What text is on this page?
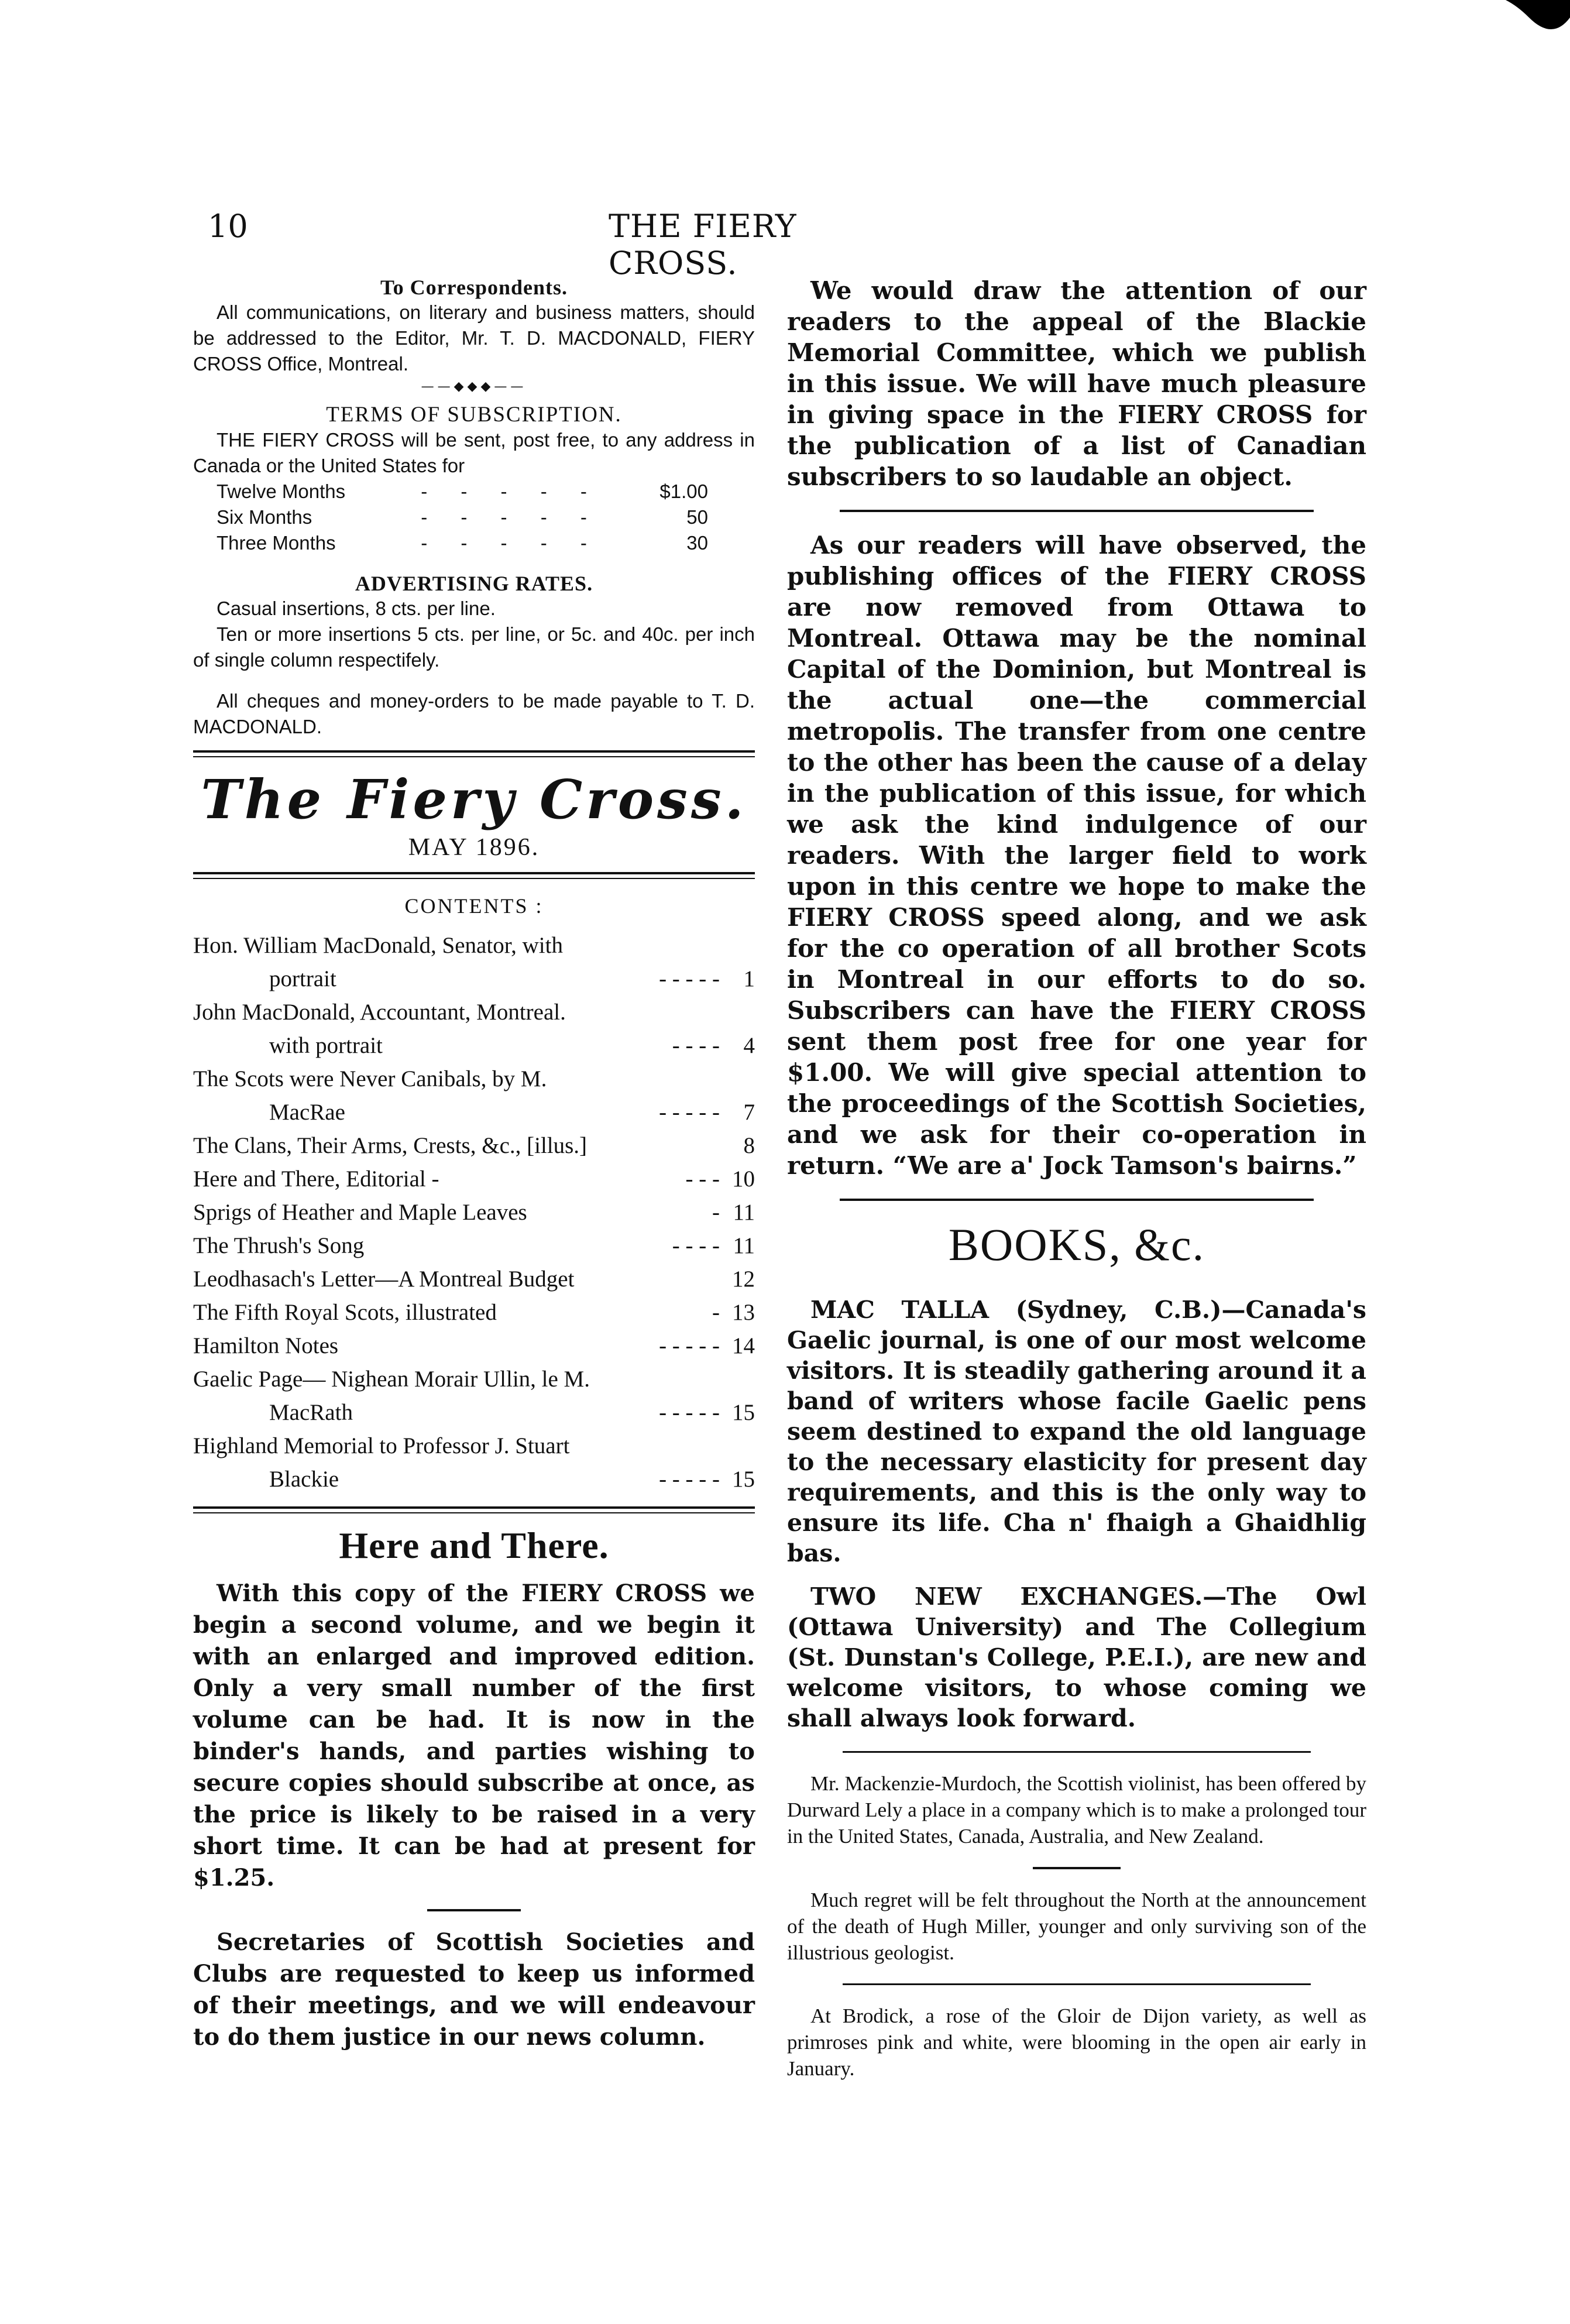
10	THE FIERY CROSS.

To Correspondents.

All communications, on literary and business matters, should be addressed to the Editor, Mr. T. D. MACDONALD, FIERY CROSS Office, Montreal.

——◆◆◆——

TERMS OF SUBSCRIPTION.

THE FIERY CROSS will be sent, post free, to any address in Canada or the United States for

Twelve Months	- - - - -	$1.00
Six Months	- - - - -	50
Three Months	- - - - -	30

ADVERTISING RATES.

Casual insertions, 8 cts. per line.

Ten or more insertions 5 cts. per line, or 5c. and 40c. per inch of single column respectifely.

All cheques and money-orders to be made payable to T. D. MACDONALD.

The Fiery Cross.
MAY 1896.
CONTENTS :
Hon. William MacDonald, Senator, with
portrait	- - - - -	1
John MacDonald, Accountant, Montreal.
with portrait	- - - -	4
The Scots were Never Canibals, by M.
MacRae	- - - - -	7
The Clans, Their Arms, Crests, &c., [illus.]	8
Here and There, Editorial -	- - - 10
Sprigs of Heather and Maple Leaves	- 11
The Thrush's Song	- - - - 11
Leodhasach's Letter—A Montreal Budget	12
The Fifth Royal Scots, illustrated	- 13
Hamilton Notes	- - - - - 14
Gaelic Page— Nighean Morair Ullin, le M.
MacRath	- - - - - 15
Highland Memorial to Professor J. Stuart
Blackie	- - - - - 15
Here and There.

With this copy of the FIERY CROSS we begin a second volume, and we begin it with an enlarged and improved edition. Only a very small number of the first volume can be had. It is now in the binder's hands, and parties wishing to secure copies should subscribe at once, as the price is likely to be raised in a very short time. It can be had at present for $1.25.

Secretaries of Scottish Societies and Clubs are requested to keep us informed of their meetings, and we will endeavour to do them justice in our news column.

We would draw the attention of our readers to the appeal of the Blackie Memorial Committee, which we publish in this issue. We will have much pleasure in giving space in the FIERY CROSS for the publication of a list of Canadian subscribers to so laudable an object.

As our readers will have observed, the publishing offices of the FIERY CROSS are now removed from Ottawa to Montreal. Ottawa may be the nominal Capital of the Dominion, but Montreal is the actual one—the commercial metropolis. The transfer from one centre to the other has been the cause of a delay in the publication of this issue, for which we ask the kind indulgence of our readers. With the larger field to work upon in this centre we hope to make the FIERY CROSS speed along, and we ask for the co operation of all brother Scots in Montreal in our efforts to do so. Subscribers can have the FIERY CROSS sent them post free for one year for $1.00. We will give special attention to the proceedings of the Scottish Societies, and we ask for their co-operation in return. “We are a' Jock Tamson's bairns.”

BOOKS, &c.

MAC TALLA (Sydney, C.B.)—Canada's Gaelic journal, is one of our most welcome visitors. It is steadily gathering around it a band of writers whose facile Gaelic pens seem destined to expand the old language to the necessary elasticity for present day requirements, and this is the only way to ensure its life. Cha n' fhaigh a Ghaidhlig bas.

TWO NEW EXCHANGES.—The Owl (Ottawa University) and The Collegium (St. Dunstan's College, P.E.I.), are new and welcome visitors, to whose coming we shall always look forward.

Mr. Mackenzie-Murdoch, the Scottish violinist, has been offered by Durward Lely a place in a company which is to make a prolonged tour in the United States, Canada, Australia, and New Zealand.

Much regret will be felt throughout the North at the announcement of the death of Hugh Miller, younger and only surviving son of the illustrious geologist.

At Brodick, a rose of the Gloir de Dijon variety, as well as primroses pink and white, were blooming in the open air early in January.
